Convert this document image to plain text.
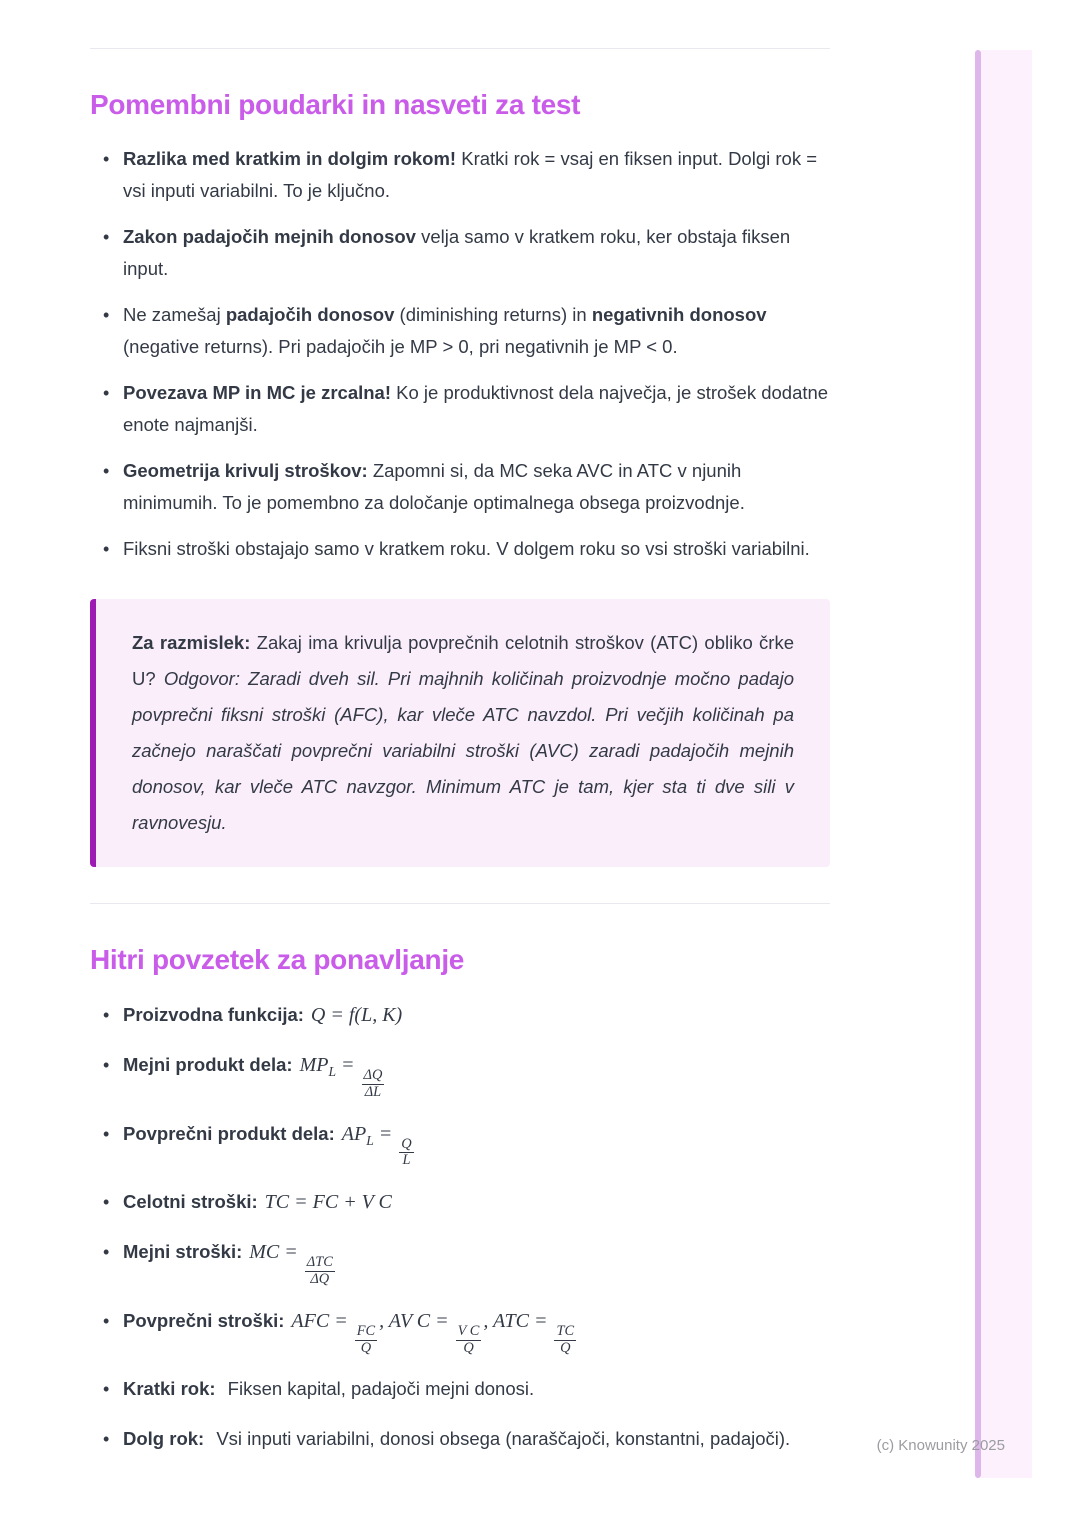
Pomembni poudarki in nasveti za test
• Razlika med kratkim in dolgim rokom! Kratki rok = vsaj en fiksen input. Dolgi rok = vsi inputi variabilni. To je ključno.
• Zakon padajočih mejnih donosov velja samo v kratkem roku, ker obstaja fiksen input.
• Ne zamešaj padajočih donosov (diminishing returns) in negativnih donosov (negative returns). Pri padajočih je MP > 0, pri negativnih je MP < 0.
• Povezava MP in MC je zrcalna! Ko je produktivnost dela največja, je strošek dodatne enote najmanjši.
• Geometrija krivulj stroškov: Zapomni si, da MC seka AVC in ATC v njunih minimumih. To je pomembno za določanje optimalnega obsega proizvodnje.
• Fiksni stroški obstajajo samo v kratkem roku. V dolgem roku so vsi stroški variabilni.

Za razmislek: Zakaj ima krivulja povprečnih celotnih stroškov (ATC) obliko črke U? Odgovor: Zaradi dveh sil. Pri majhnih količinah proizvodnje močno padajo povprečni fiksni stroški (AFC), kar vleče ATC navzdol. Pri večjih količinah pa začnejo naraščati povprečni variabilni stroški (AVC) zaradi padajočih mejnih donosov, kar vleče ATC navzgor. Minimum ATC je tam, kjer sta ti dve sili v ravnovesju.

Hitri povzetek za ponavljanje
• Proizvodna funkcija: Q = f(L, K)
• Mejni produkt dela: $MP_L$ =
$\frac{\Delta Q}{\Delta L}$
• Povprečni produkt dela: $AP_L$ =
$\frac{Q}{L}$
• Celotni stroški: TC = FC + V C
• Mejni stroški: MC =
$\frac{\text{ΔTC}}{\Delta Q}$
• Povprečni stroški: AFC =
$\frac{FC}{Q}$
, AV C =
$\frac{\text{V C}}{Q}$
, ATC =
$\frac{TC}{Q}$
• Kratki rok: Fiksen kapital, padajoči mejni donosi.
• Dolg rok: Vsi inputi variabilni, donosi obsega (naraščajoči, konstantni, padajoči).	(c) Knowunity 2025
